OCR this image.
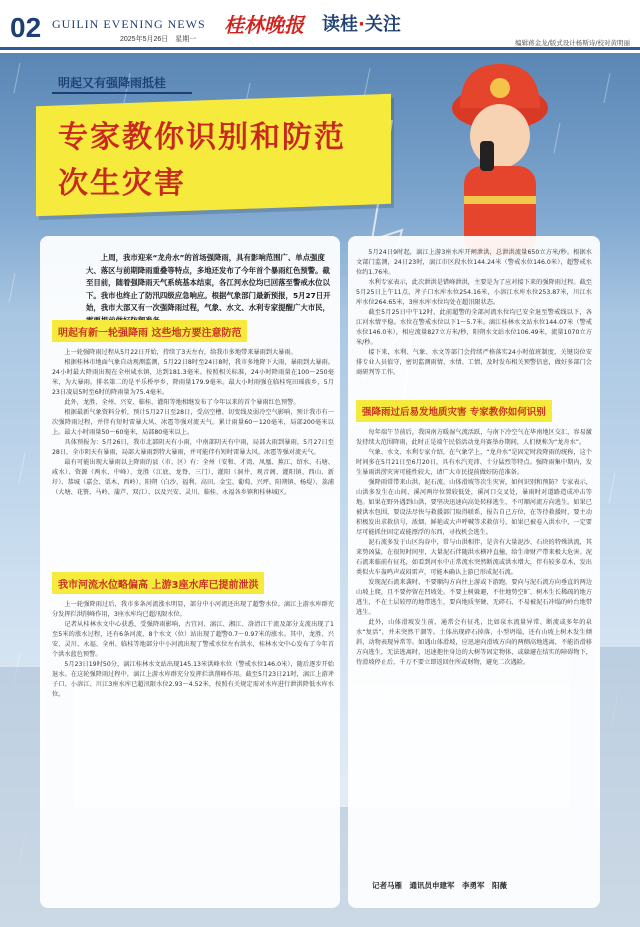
02 GUILIN EVENING NEWS
2025年5月26日　星期一
桂林晚报 读桂·关注
编辑蒋金龙/版式设计杨斯诗/校对黄明丽
明起又有强降雨抵桂
专家教你识别和防范
次生灾害
上周，我市迎来“龙舟水”的首场强降雨，具有影响范围广、单点强度大、落区与前期降雨重叠等特点，多地还发布了今年首个暴雨红色预警。截至目前，随着强降雨天气系统基本结束，各江河水位均已回落至警戒水位以下。我市也终止了防汛四级应急响应。根据气象部门最新预报，5月27日开始，我市大部又有一次强降雨过程，气象、水文、水利专家提醒广大市民，
明起有新一轮强降雨 这些地方要注意防范

上一轮强降雨过程从5月22日开始，持续了3天左右，给我市多地带来暴雨到大暴雨。

根据桂林市地面气象自动观测监测，5月22日8时至24日8时，我市多地降下大雨，暴雨到大暴雨。24小时最大降雨出现在全州咸水镇，达到181.3毫米。按照相关标准，24小时降雨量在100～250毫米，为大暴雨。排名第二的是平乐桥亭乡，降雨量179.9毫米。最大小时雨强在临桂宛田瑶族乡，5月23日凌晨5时至6时的降雨量为75.4毫米。

此外，龙胜、全州、兴安、临桂、灌阳等地相继发布了今年以来的首个暴雨红色预警。

根据最新气象资料分析，预计5月27日至28日，受高空槽、切变线及弱冷空气影响，预计我市有一次强降雨过程，并伴有短时雷暴大风、冰雹等强对流天气。累计雨量60～120毫米，局部200毫米以上。最大小时雨量50～60毫米，局部80毫米以上。

具体预报为：5月26日，我市北部阴天有小雨，中南部阴天有中雨，局部大雨到暴雨，5月27日至28日，全市阴天有暴雨，局部大暴雨到特大暴雨，并可能伴有短时雷暴大风、冰雹等强对流天气。

最有可能出现大暴雨以上降雨的县（市、区）有：全州（安和、才湾、凤凰、蕉江、绍水、石塘、咸水）、资源（两水、中峰）、龙胜（江底、龙脊、三门）、灌阳（洞井、观音阁、灌阳镇、西山、新圩）、恭城（嘉会、栗木、西岭）、阳朔（白沙、福利、高田、金宝、葡萄、兴坪、阳朔镇、杨堤）、荔浦（大塘、花篑、马岭、蒲芦、双江）、以及兴安、灵川、临桂、永福各乡镇和桂林城区。

我市河流水位略偏高 上游3座水库已提前泄洪

上一轮强降雨过后，我市多条河流涨水明显，部分中小河流还出现了超警水位。漓江上游水库群充分发挥拦洪削峰作用，3座水库均已超汛限水位。

记者从桂林水文中心获悉，受强降雨影响，古宜河、漓江、湘江、洛清江干流及部分支流出现了1至5米的涨水过程，还有6条河流、8个水文（位）站出现了超警0.7～0.97米的涨水。其中，龙胜、兴安、灵川、永福、全州、临桂等地部分中小河流出现了警戒水位左右洪水，桂林水文中心发布了今年首个洪水蓝色预警。

5月23日19时50分，漓江桂林水文站出现145.13米洪峰水位（警戒水位146.0米），随后逐步开始退水。在这轮强降雨过程中，漓江上游水库群充分发挥拦洪削峰作用。截至5月23日21时，漓江上游斧子口、小溶江、川江3座水库已超汛限水位2.93～4.52米，按照有关规定需对水库进行泄洪降低水库水位。

5月24日9时起，漓江上游3座水库开闸泄洪，总泄洪流量650立方米/秒。根据水文部门监测，24日23时，漓江市区段水位144.24米（警戒水位146.0米），超警戒水位约1.76米。

水利专家表示，此次泄洪是错峰泄洪，主要是为了应对接下来的强降雨过程。截至5月25日上午11点，斧子口水库水位254.16米，小溶江水库水位253.87米，川江水库水位264.65米，3座水库水位均处在超汛限状态。

截至5月25日中午12时，此前超警的全部河流水位均已安全退至警戒线以下，各江河水情平稳。水位在警戒水位以下1～5.7米。漓江桂林水文站水位144.07米（警戒水位146.0米），相应流量827立方米/秒，阳朔水文站水位106.49米，流量1070立方米/秒。

接下来，水利、气象、水文等部门会持续严格落实24小时值班制度，关键岗位安排专业人员值守，密切监测雨情、水情、工情，及时发布相关预警信息，做好多部门会商研判等工作。

强降雨过后易发地质灾害 专家教你如何识别

每年端午节前后，我国南方暖湿气流活跃，与南下冷空气在华南地区交汇，容易激发持续大范围降雨，此时正是端午民俗活动龙舟赛举办期间，人们便称为“龙舟水”。

气象、水文、水利专家介绍，在气象学上，“龙舟水”是固定时段降雨的统称，这个时间多在5月21日至6月20日，具有水汽充沛、十分猛烈等特点。强降雨集中期内，发生暴雨洪涝灾害可能性较大，请广大市民提前做好防范准备。

强降雨常带来山洪、泥石流、山体滑坡等次生灾害，如何识别和预防？专家表示，山洪多发生在山间、溪河两岸位置较低处，溪河口交叉处，暴雨时对道路造成冲击等地。如果在野外遇到山洪，要坚决迅速向高处转移逃生，不可顺河流方向逃生。如果已被洪水包围，要设法尽快与救援部门取得联系，报告自己方位，在等待救援时，要主动积极发出求救信号，浓烟、鲜艳或大声呼喊等求救信号。如果已被卷入洪水中，一定要尽可能抓住固定或能漂浮的东西，寻找机会逃生。

泥石流多发于山区沟谷中，常与山洪相伴，是含有大量泥沙、石块的特殊洪流，其来势凶猛，在很短时间里，大量泥石伴随洪水横冲直撞，给生命财产带来极大危害。泥石流来临前有征兆，如看到河水中正常流水突然断流或洪水增大，伴有较多草木，发出类似火车轰鸣声或闷雷声，可能本确认上游已形成泥石流。

发现泥石流来袭时，不要顺沟方向往上游或下游跑，要向与泥石流方向垂直的两边山坡上爬，且不要停留在凹坡处。不要上树躲避，不往地势空旷、树木生长稀疏的地方逃生，不在土层较厚的地带逃生，要向地质坚硬、无碎石、不易被泥石冲塌的岭台地带逃生。

此外，山体滑坡发生前，通常会有征兆，比如泉水流量异常、断流或多年的泉水“复活”，并未突然干涸等。土体出现碎石掉落，小型坍塌，还有山坡上树木发生倾斜，动物表现异常等。如遇山体滑坡，应迅速向滑坡方向的两侧高地逃离，不能沿滑移方向逃生，无法逃离时，迅速抱住身边的大树等固定物体，或躲避在结实的障碍物下，待滑坡停止后，千万不要立即返回住所或财物，避免二次遇险。

记者马雁　通讯员申建军　李勇军　阳薇
